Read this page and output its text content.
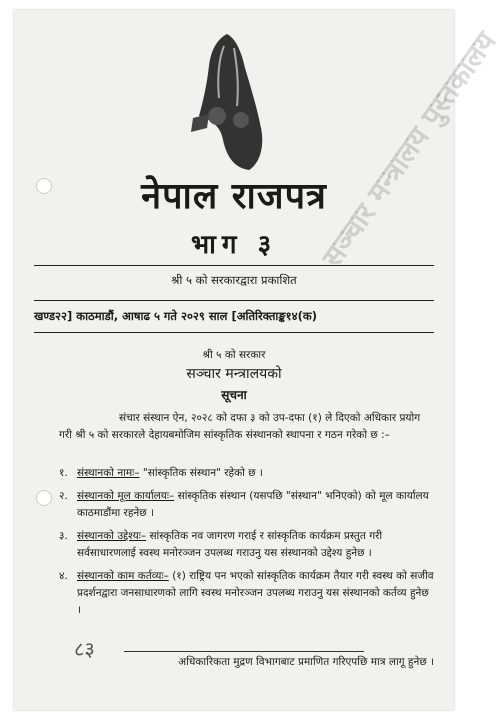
सञ्चार मन्त्रालय पुस्तकालय
नेपाल राजपत्र
भाग ३
श्री ५ को सरकारद्वारा प्रकाशित
खण्ड२२] काठमाडौं, आषाढ ५ गते २०२९ साल [अतिरिक्ताङ्क१४(क)
श्री ५ को सरकार
सञ्चार मन्त्रालयको
सूचना
संचार संस्थान ऐन, २०२८ को दफा ३ को उप-दफा (१) ले दिएको अधिकार प्रयोग गरी श्री ५ को सरकारले देहायबमोजिम सांस्कृतिक संस्थानको स्थापना र गठन गरेको छ :–
१. संस्थानको नामः– "सांस्कृतिक संस्थान" रहेको छ ।
२. संस्थानको मूल कार्यालयः– सांस्कृतिक संस्थान (यसपछि "संस्थान" भनिएको) को मूल कार्यालय काठमाडौंमा रहनेछ ।
३. संस्थानको उद्देश्यः– सांस्कृतिक नव जागरण गराई र सांस्कृतिक कार्यक्रम प्रस्तुत गरी सर्वसाधारणलाई स्वस्थ मनोरञ्जन उपलब्ध गराउनु यस संस्थानको उद्देश्य हुनेछ ।
४. संस्थानको काम कर्तव्यः– (१) राष्ट्रिय पन भएको सांस्कृतिक कार्यक्रम तैयार गरी स्वस्थ को सजीव प्रदर्शनद्वारा जनसाधारणको लागि स्वस्थ मनोरञ्जन उपलब्ध गराउनु यस संस्थानको कर्तव्य हुनेछ ।
८३
अधिकारिकता मुद्रण विभागबाट प्रमाणित गरिएपछि मात्र लागू हुनेछ ।
